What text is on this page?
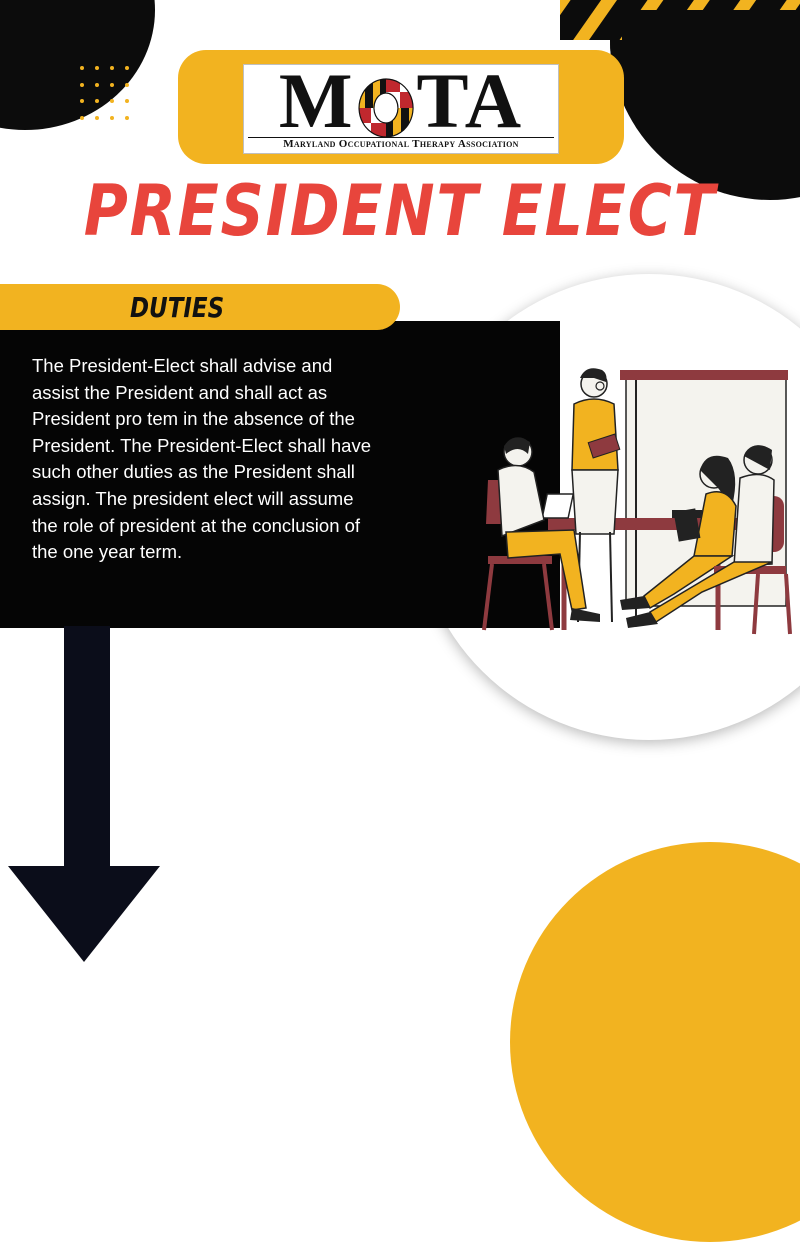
M TA
Maryland Occupational Therapy Association
PRESIDENT ELECT
DUTIES
The President-Elect shall advise and assist the President and shall act as President pro tem in the absence of the President. The President-Elect shall have such other duties as the President shall assign. The president elect will assume the role of president at the conclusion of the one year term.
